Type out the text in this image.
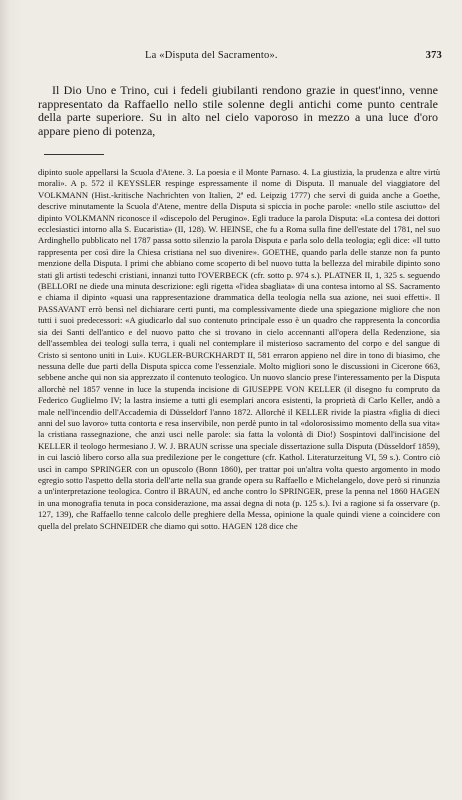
La «Disputa del Sacramento».	373
Il Dio Uno e Trino, cui i fedeli giubilanti rendono grazie in quest'inno, venne rappresentato da Raffaello nello stile solenne degli antichi come punto centrale della parte superiore. Su in alto nel cielo vaporoso in mezzo a una luce d'oro appare pieno di potenza,

dipinto suole appellarsi la Scuola d'Atene. 3. La poesia e il Monte Parnaso. 4. La giustizia, la prudenza e altre virtù morali». A p. 572 il KEYSSLER respinge espressamente il nome di Disputa. Il manuale del viaggiatore del VOLKMANN (Hist.-kritische Nachrichten von Italien, 2ª ed. Leipzig 1777) che servì di guida anche a Goethe, descrive minutamente la Scuola d'Atene, mentre della Disputa si spiccia in poche parole: «nello stile asciutto» del dipinto VOLKMANN riconosce il «discepolo del Perugino». Egli traduce la parola Disputa: «La contesa dei dottori ecclesiastici intorno alla S. Eucaristia» (II, 128). W. HEINSE, che fu a Roma sulla fine dell'estate del 1781, nel suo Ardinghello pubblicato nel 1787 passa sotto silenzio la parola Disputa e parla solo della teologia; egli dice: «Il tutto rappresenta per così dire la Chiesa cristiana nel suo divenire». GOETHE, quando parla delle stanze non fa punto menzione della Disputa. I primi che abbiano come scoperto di bel nuovo tutta la bellezza del mirabile dipinto sono stati gli artisti tedeschi cristiani, innanzi tutto l'OVERBECK (cfr. sotto p. 974 s.). PLATNER II, 1, 325 s. seguendo (BELLORI ne diede una minuta descrizione: egli rigetta «l'idea sbagliata» di una contesa intorno al SS. Sacramento e chiama il dipinto «quasi una rappresentazione drammatica della teologia nella sua azione, nei suoi effetti». Il PASSAVANT errò bensì nel dichiarare certi punti, ma complessivamente diede una spiegazione migliore che non tutti i suoi predecessori: «A giudicarlo dal suo contenuto principale esso è un quadro che rappresenta la concordia sia dei Santi dell'antico e del nuovo patto che si trovano in cielo accennanti all'opera della Redenzione, sia dell'assemblea dei teologi sulla terra, i quali nel contemplare il misterioso sacramento del corpo e del sangue di Cristo si sentono uniti in Lui». KUGLER-BURCKHARDT II, 581 erraron appieno nel dire in tono di biasimo, che nessuna delle due parti della Disputa spicca come l'essenziale. Molto migliori sono le discussioni in Cicerone 663, sebbene anche qui non sia apprezzato il contenuto teologico. Un nuovo slancio prese l'interessamento per la Disputa allorchè nel 1857 venne in luce la stupenda incisione di GIUSEPPE VON KELLER (il disegno fu compruto da Federico Guglielmo IV; la lastra insieme a tutti gli esemplari ancora esistenti, la proprietà di Carlo Keller, andò a male nell'incendio dell'Accademia di Düsseldorf l'anno 1872. Allorchè il KELLER rivide la piastra «figlia di dieci anni del suo lavoro» tutta contorta e resa inservibile, non perdè punto in tal «dolorosissimo momento della sua vita» la cristiana rassegnazione, che anzi usci nelle parole: sia fatta la volontà di Dio!) Sospintovi dall'incisione del KELLER il teologo hermesiano J. W. J. BRAUN scrisse una speciale dissertazione sulla Disputa (Düsseldorf 1859), in cui lasciò libero corso alla sua predilezione per le congetture (cfr. Kathol. Literaturzeitung VI, 59 s.). Contro ciò uscì in campo SPRINGER con un opuscolo (Bonn 1860), per trattar poi un'altra volta questo argomento in modo egregio sotto l'aspetto della storia dell'arte nella sua grande opera su Raffaello e Michelangelo, dove però si rinunzia a un'interpretazione teologica. Contro il BRAUN, ed anche contro lo SPRINGER, prese la penna nel 1860 HAGEN in una monografia tenuta in poca considerazione, ma assai degna di nota (p. 125 s.). Ivi a ragione si fa osservare (p. 127, 139), che Raffaello tenne calcolo delle preghiere della Messa, opinione la quale quindi viene a coincidere con quella del prelato SCHNEIDER che diamo qui sotto. HAGEN 128 dice che
